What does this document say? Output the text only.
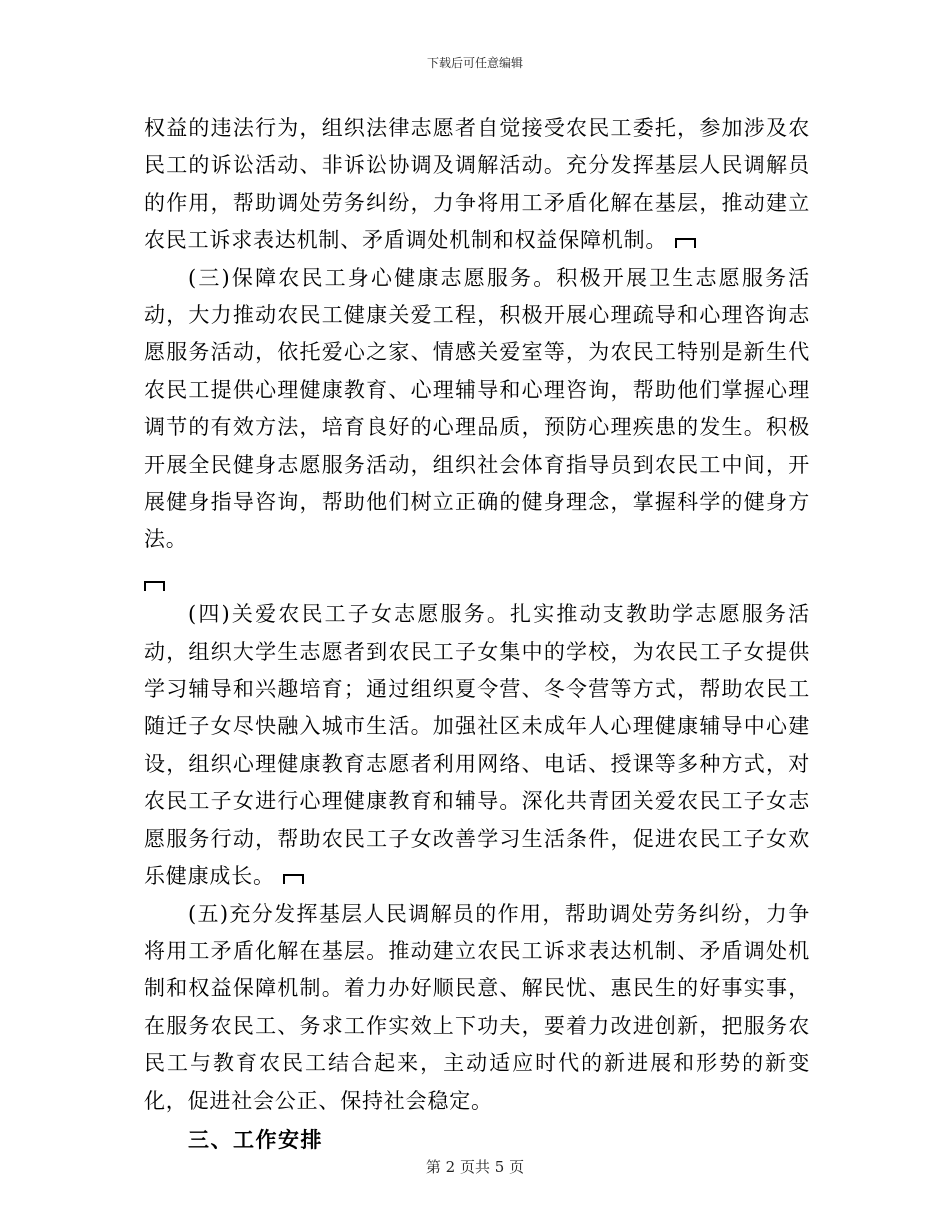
下载后可任意编辑

权益的违法行为，组织法律志愿者自觉接受农民工委托，参加涉及农民工的诉讼活动、非诉讼协调及调解活动。充分发挥基层人民调解员的作用，帮助调处劳务纠纷，力争将用工矛盾化解在基层，推动建立农民工诉求表达机制、矛盾调处机制和权益保障机制。

(三)保障农民工身心健康志愿服务。积极开展卫生志愿服务活动，大力推动农民工健康关爱工程，积极开展心理疏导和心理咨询志愿服务活动，依托爱心之家、情感关爱室等，为农民工特别是新生代农民工提供心理健康教育、心理辅导和心理咨询，帮助他们掌握心理调节的有效方法，培育良好的心理品质，预防心理疾患的发生。积极开展全民健身志愿服务活动，组织社会体育指导员到农民工中间，开展健身指导咨询，帮助他们树立正确的健身理念，掌握科学的健身方法。

(四)关爱农民工子女志愿服务。扎实推动支教助学志愿服务活动，组织大学生志愿者到农民工子女集中的学校，为农民工子女提供学习辅导和兴趣培育；通过组织夏令营、冬令营等方式，帮助农民工随迁子女尽快融入城市生活。加强社区未成年人心理健康辅导中心建设，组织心理健康教育志愿者利用网络、电话、授课等多种方式，对农民工子女进行心理健康教育和辅导。深化共青团关爱农民工子女志愿服务行动，帮助农民工子女改善学习生活条件，促进农民工子女欢乐健康成长。

(五)充分发挥基层人民调解员的作用，帮助调处劳务纠纷，力争将用工矛盾化解在基层。推动建立农民工诉求表达机制、矛盾调处机制和权益保障机制。着力办好顺民意、解民忧、惠民生的好事实事，在服务农民工、务求工作实效上下功夫，要着力改进创新，把服务农民工与教育农民工结合起来，主动适应时代的新进展和形势的新变化，促进社会公正、保持社会稳定。

三、工作安排

第 2 页共 5 页
